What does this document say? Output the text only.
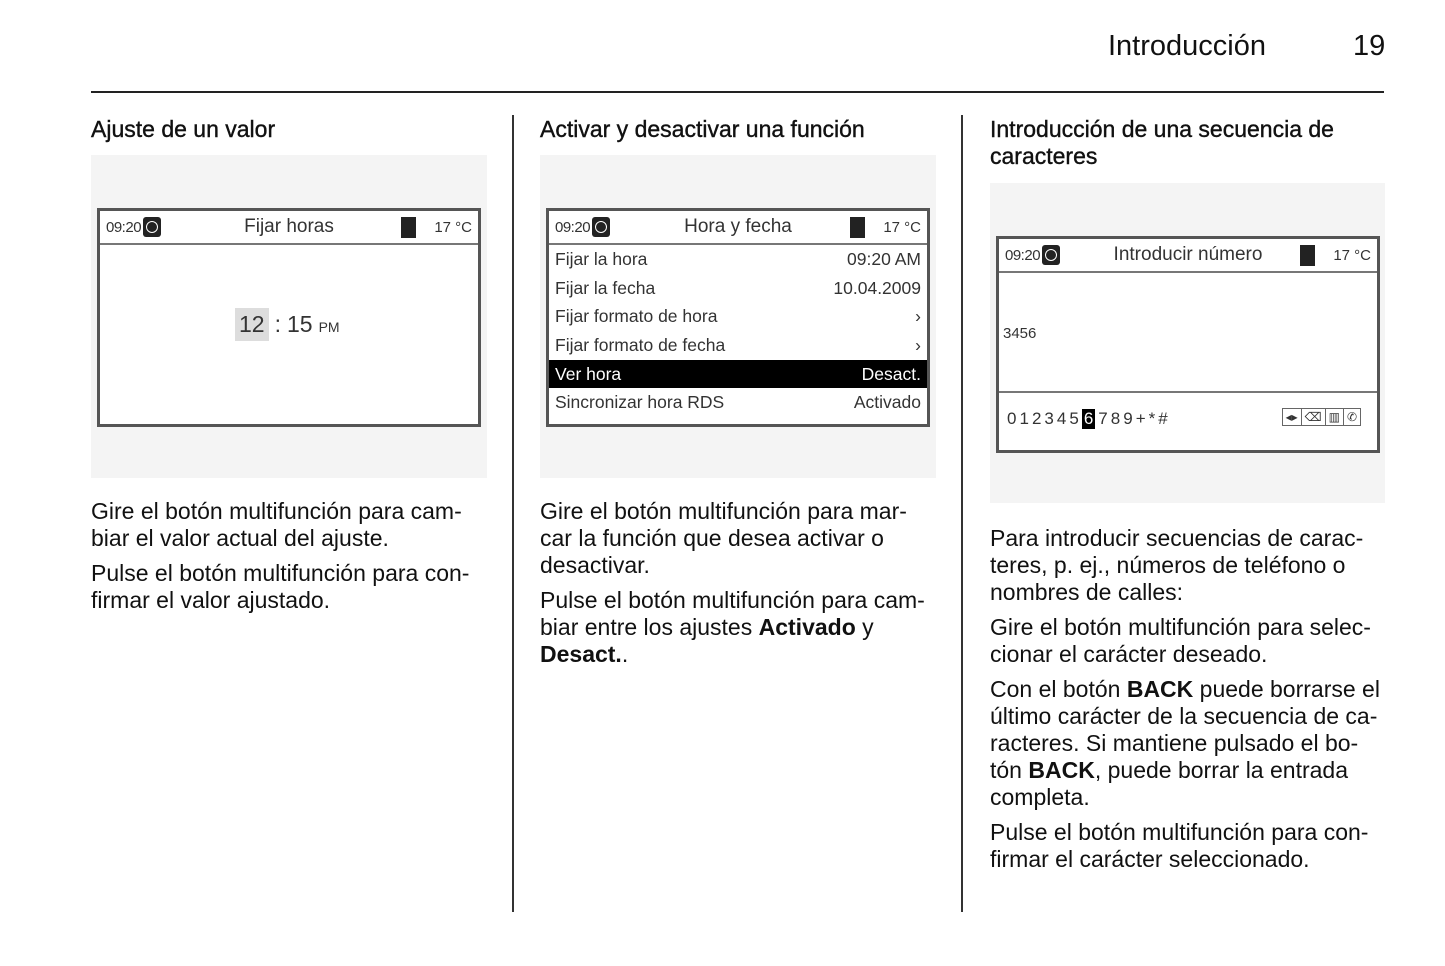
Introducción	19
Ajuste de un valor
09:20	Fijar horas	17 °C
12 : 15 PM

Gire el botón multifunción para cam-biar el valor actual del ajuste.

Pulse el botón multifunción para con-firmar el valor ajustado.

Activar y desactivar una función
09:20	Hora y fecha	17 °C
Fijar la hora	09:20 AM
Fijar la fecha	10.04.2009
Fijar formato de hora	›
Fijar formato de fecha	›
Ver hora	Desact.
Sincronizar hora RDS	Activado

Gire el botón multifunción para mar-car la función que desea activar o desactivar.

Pulse el botón multifunción para cam-biar entre los ajustes Activado y Desact..

Introducción de una secuencia de caracteres
09:20	Introducir número	17 °C
3456
0 1 2 3 4 5 6 7 8 9 + * #	◂▸ ⌫ ▥ ✆

Para introducir secuencias de carac-teres, p. ej., números de teléfono o nombres de calles:

Gire el botón multifunción para selec-cionar el carácter deseado.

Con el botón BACK puede borrarse el último carácter de la secuencia de ca-racteres. Si mantiene pulsado el bo-tón BACK, puede borrar la entrada completa.

Pulse el botón multifunción para con-firmar el carácter seleccionado.
